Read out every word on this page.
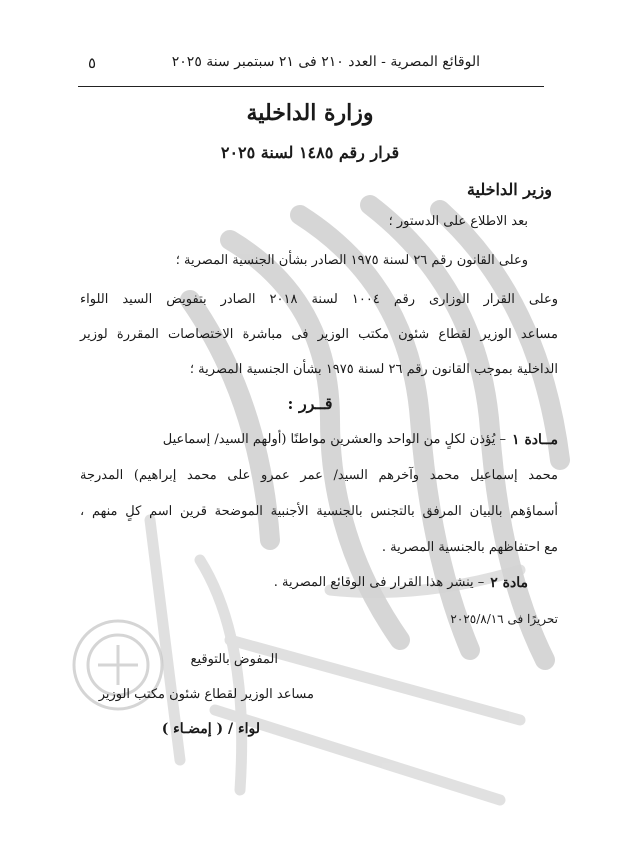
الوقائع المصرية - العدد ٢١٠ فى ٢١ سبتمبر سنة ٢٠٢٥
٥
وزارة الداخلية
قرار رقم ١٤٨٥ لسنة ٢٠٢٥
وزير الداخلية
بعد الاطلاع على الدستور ؛
وعلى القانون رقم ٢٦ لسنة ١٩٧٥ الصادر بشأن الجنسية المصرية ؛
وعلى القرار الوزارى رقم ١٠٠٤ لسنة ٢٠١٨ الصادر بتفويض السيد اللواء
مساعد الوزير لقطاع شئون مكتب الوزير فى مباشرة الاختصاصات المقررة لوزير
الداخلية بموجب القانون رقم ٢٦ لسنة ١٩٧٥ بشأن الجنسية المصرية ؛
قــرر :
مــادة ١
– يُؤذن لكلٍ من الواحد والعشرين مواطنًا (أولهم السيد/ إسماعيل
محمد إسماعيل محمد وآخرهم السيد/ عمر عمرو على محمد إبراهيم) المدرجة
أسماؤهم بالبيان المرفق بالتجنس بالجنسية الأجنبية الموضحة قرين اسم كلٍ منهم ،
مع احتفاظهم بالجنسية المصرية .
مادة ٢
– ينشر هذا القرار فى الوقائع المصرية .
تحريرًا فى ٢٠٢٥/٨/١٦
المفوض بالتوقيع
مساعد الوزير لقطاع شئون مكتب الوزير
لواء / ( إمضـاء )
